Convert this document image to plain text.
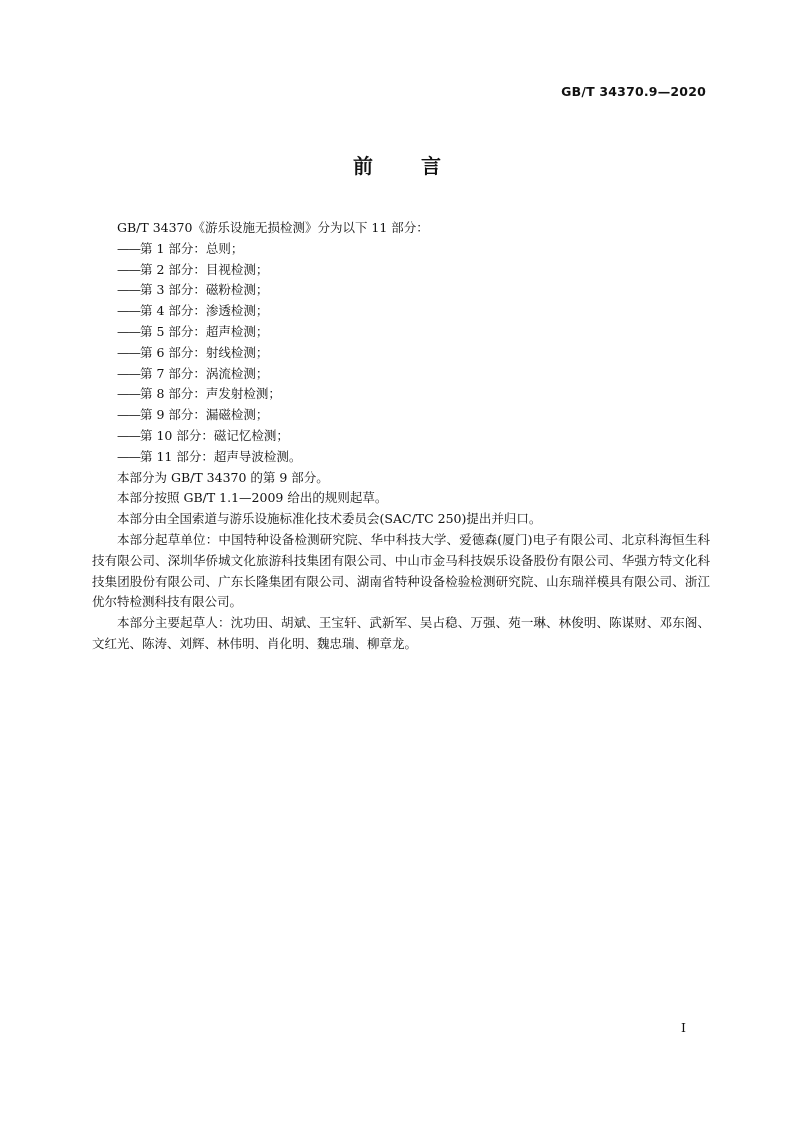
GB/T 34370.9—2020
前言

GB/T 34370《游乐设施无损检测》分为以下 11 部分：

——第 1 部分：总则；

——第 2 部分：目视检测；

——第 3 部分：磁粉检测；

——第 4 部分：渗透检测；

——第 5 部分：超声检测；

——第 6 部分：射线检测；

——第 7 部分：涡流检测；

——第 8 部分：声发射检测；

——第 9 部分：漏磁检测；

——第 10 部分：磁记忆检测；

——第 11 部分：超声导波检测。

本部分为 GB/T 34370 的第 9 部分。

本部分按照 GB/T 1.1—2009 给出的规则起草。

本部分由全国索道与游乐设施标准化技术委员会(SAC/TC 250)提出并归口。

本部分起草单位：中国特种设备检测研究院、华中科技大学、爱德森(厦门)电子有限公司、北京科海恒生科技有限公司、深圳华侨城文化旅游科技集团有限公司、中山市金马科技娱乐设备股份有限公司、华强方特文化科技集团股份有限公司、广东长隆集团有限公司、湖南省特种设备检验检测研究院、山东瑞祥模具有限公司、浙江优尔特检测科技有限公司。

本部分主要起草人：沈功田、胡斌、王宝轩、武新军、吴占稳、万强、苑一琳、林俊明、陈谋财、邓东阁、文红光、陈涛、刘辉、林伟明、肖化明、魏忠瑞、柳章龙。

I
